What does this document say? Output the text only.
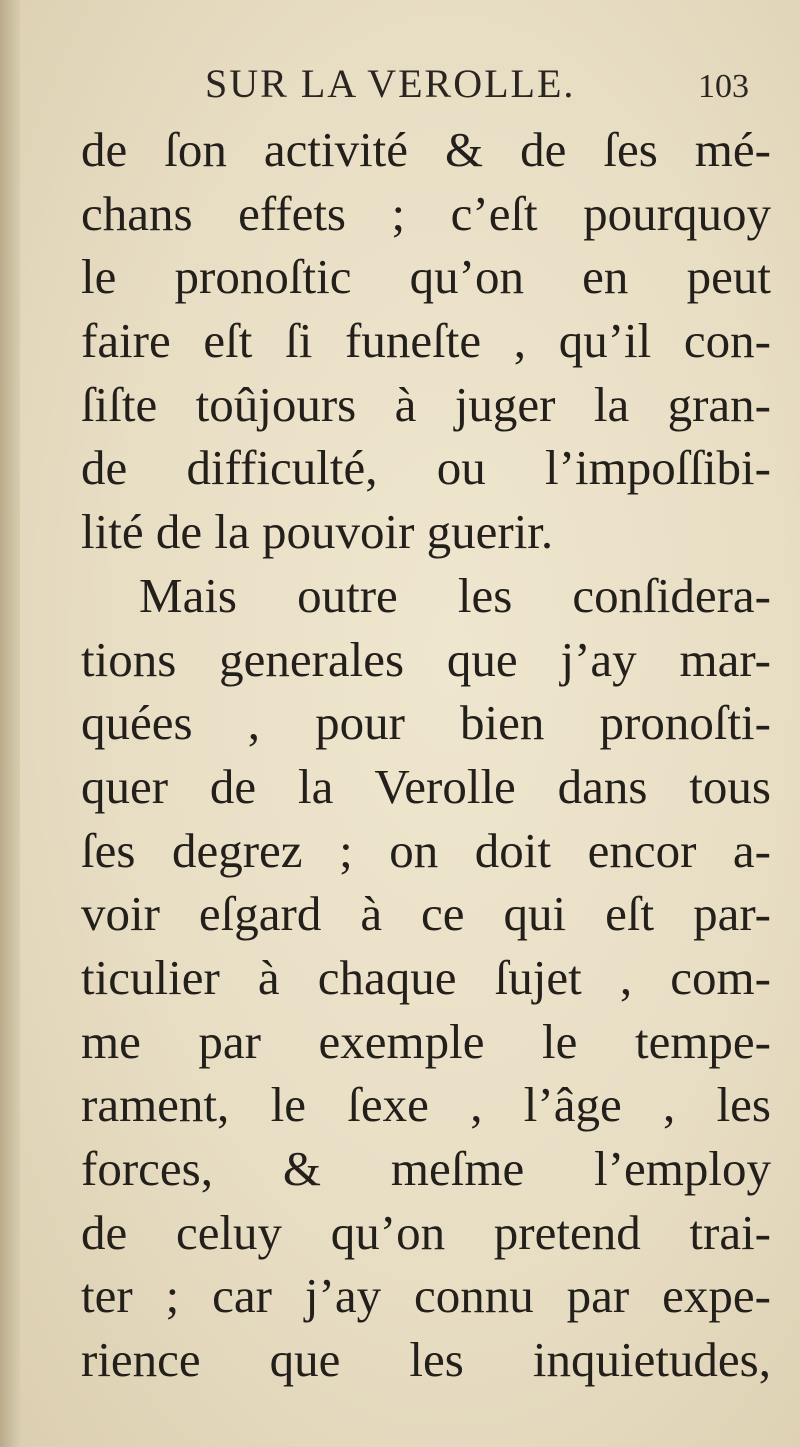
SUR LA VEROLLE.	103
de ſon activité & de ſes mé-
chans effets ; c’eſt pourquoy
le pronoſtic qu’on en peut
faire eſt ſi funeſte , qu’il con-
ſiſte toûjours à juger la gran-
de difficulté, ou l’impoſſibi-
lité de la pouvoir guerir.
Mais outre les conſidera-
tions generales que j’ay mar-
quées , pour bien pronoſti-
quer de la Verolle dans tous
ſes degrez ; on doit encor a-
voir eſgard à ce qui eſt par-
ticulier à chaque ſujet , com-
me par exemple le tempe-
rament, le ſexe , l’âge , les
forces, & meſme l’employ
de celuy qu’on pretend trai-
ter ; car j’ay connu par expe-
rience que les inquietudes,
